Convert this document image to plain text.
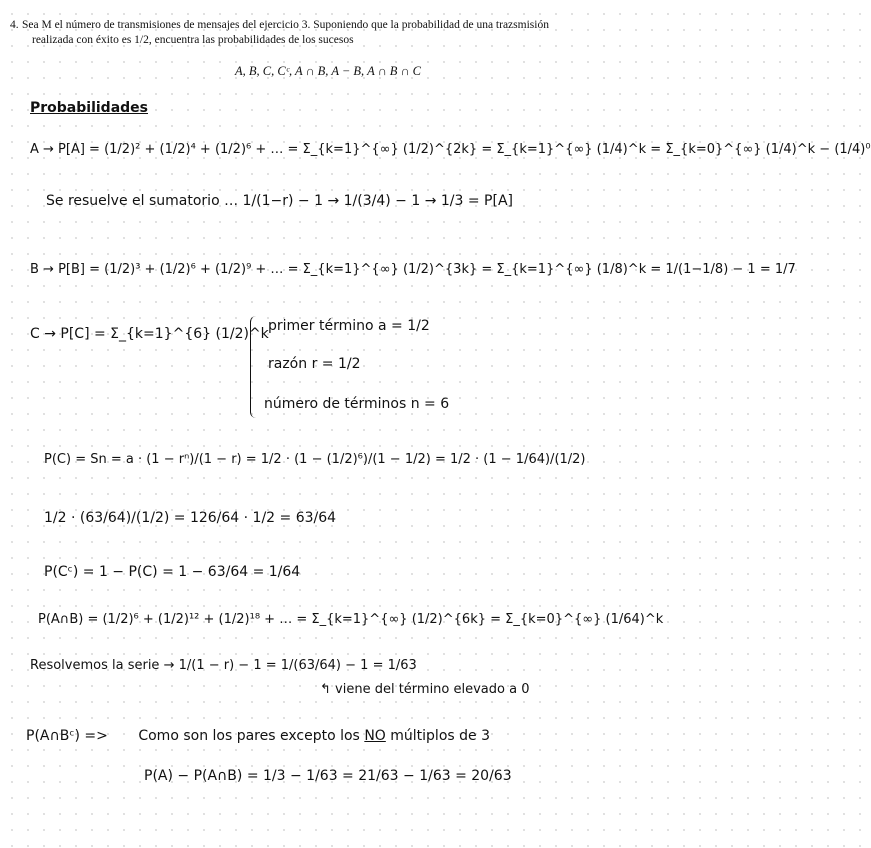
4. Sea M el número de transmisiones de mensajes del ejercicio 3. Suponiendo que la probabilidad de una trazsmisión
realizada con éxito es 1/2, encuentra las probabilidades de los sucesos
A, B, C, Cᶜ, A ∩ B, A − B, A ∩ B ∩ C
Probabilidades
A → P[A] = (1/2)² + (1/2)⁴ + (1/2)⁶ + … = Σ_{k=1}^{∞} (1/2)^{2k} = Σ_{k=1}^{∞} (1/4)^k = Σ_{k=0}^{∞} (1/4)^k − (1/4)⁰
Se resuelve el sumatorio … 1/(1−r) − 1 → 1/(3/4) − 1 → 1/3 = P[A]
B → P[B] = (1/2)³ + (1/2)⁶ + (1/2)⁹ + … = Σ_{k=1}^{∞} (1/2)^{3k} = Σ_{k=1}^{∞} (1/8)^k = 1/(1−1/8) − 1 = 1/7
C → P[C] = Σ_{k=1}^{6} (1/2)^k primer término a = 1/2
razón r = 1/2
número de términos n = 6
P(C) = Sn = a · (1 − rⁿ)/(1 − r) = 1/2 · (1 − (1/2)⁶)/(1 − 1/2) = 1/2 · (1 − 1/64)/(1/2)
1/2 · (63/64)/(1/2) = 126/64 · 1/2 = 63/64
P(Cᶜ) = 1 − P(C) = 1 − 63/64 = 1/64
P(A∩B) = (1/2)⁶ + (1/2)¹² + (1/2)¹⁸ + … = Σ_{k=1}^{∞} (1/2)^{6k} = Σ_{k=0}^{∞} (1/64)^k
Resolvemos la serie → 1/(1 − r) − 1 = 1/(63/64) − 1 = 1/63
↰ viene del término elevado a 0
P(A∩Bᶜ) => Como son los pares excepto los NO múltiplos de 3
P(A) − P(A∩B) = 1/3 − 1/63 = 21/63 − 1/63 = 20/63
